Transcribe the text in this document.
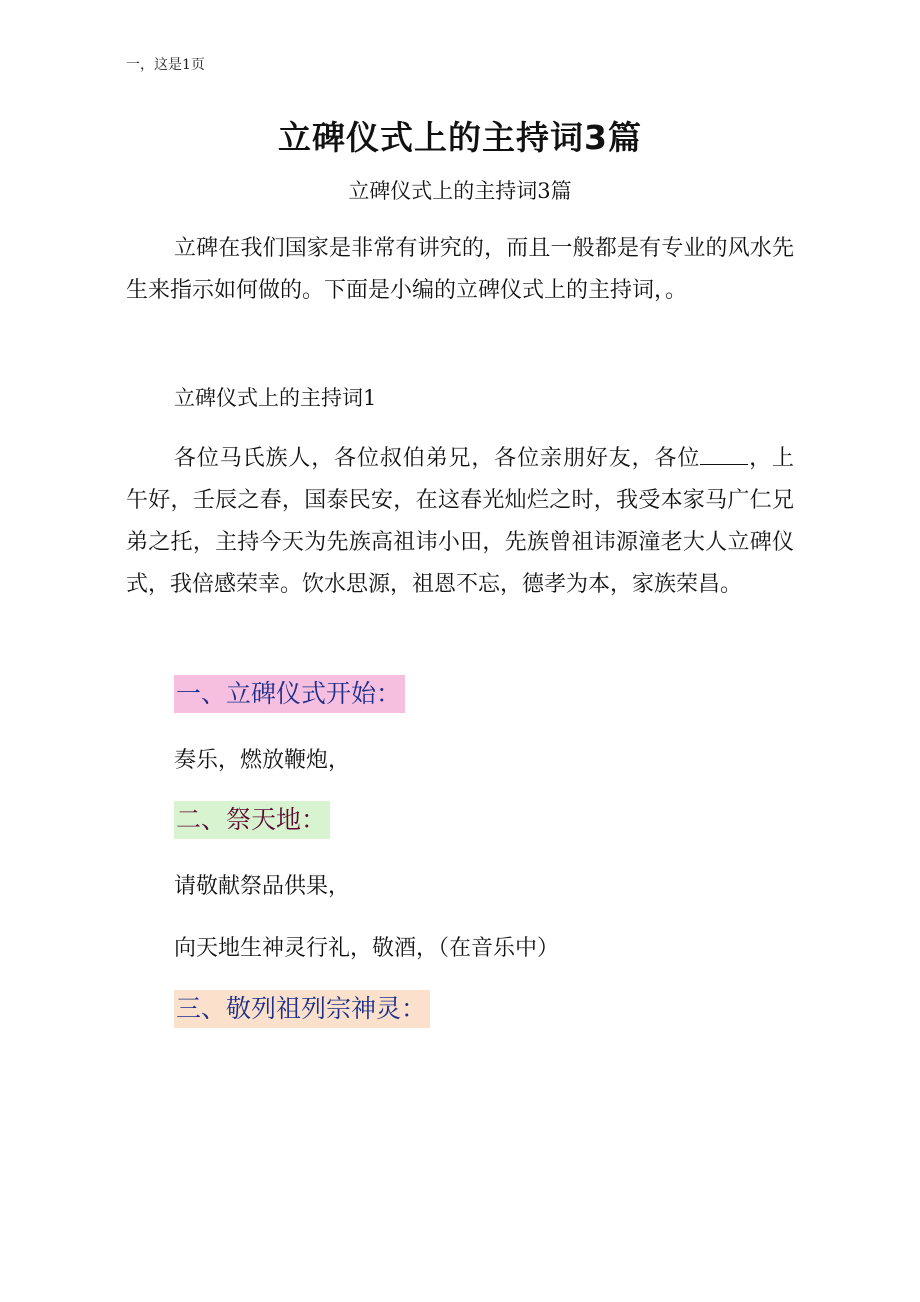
一，这是1页
立碑仪式上的主持词3篇
立碑仪式上的主持词3篇

立碑在我们国家是非常有讲究的，而且一般都是有专业的风水先生来指示如何做的。下面是小编的立碑仪式上的主持词，。

立碑仪式上的主持词1

各位马氏族人，各位叔伯弟兄，各位亲朋好友，各位 ，上午好，壬辰之春，国泰民安，在这春光灿烂之时，我受本家马广仁兄弟之托，主持今天为先族高祖讳小田，先族曾祖讳源潼老大人立碑仪式，我倍感荣幸。饮水思源，祖恩不忘，德孝为本，家族荣昌。

一、立碑仪式开始：
奏乐，燃放鞭炮，
二、祭天地：
请敬献祭品供果，
向天地生神灵行礼，敬酒，（在音乐中）
三、敬列祖列宗神灵：
